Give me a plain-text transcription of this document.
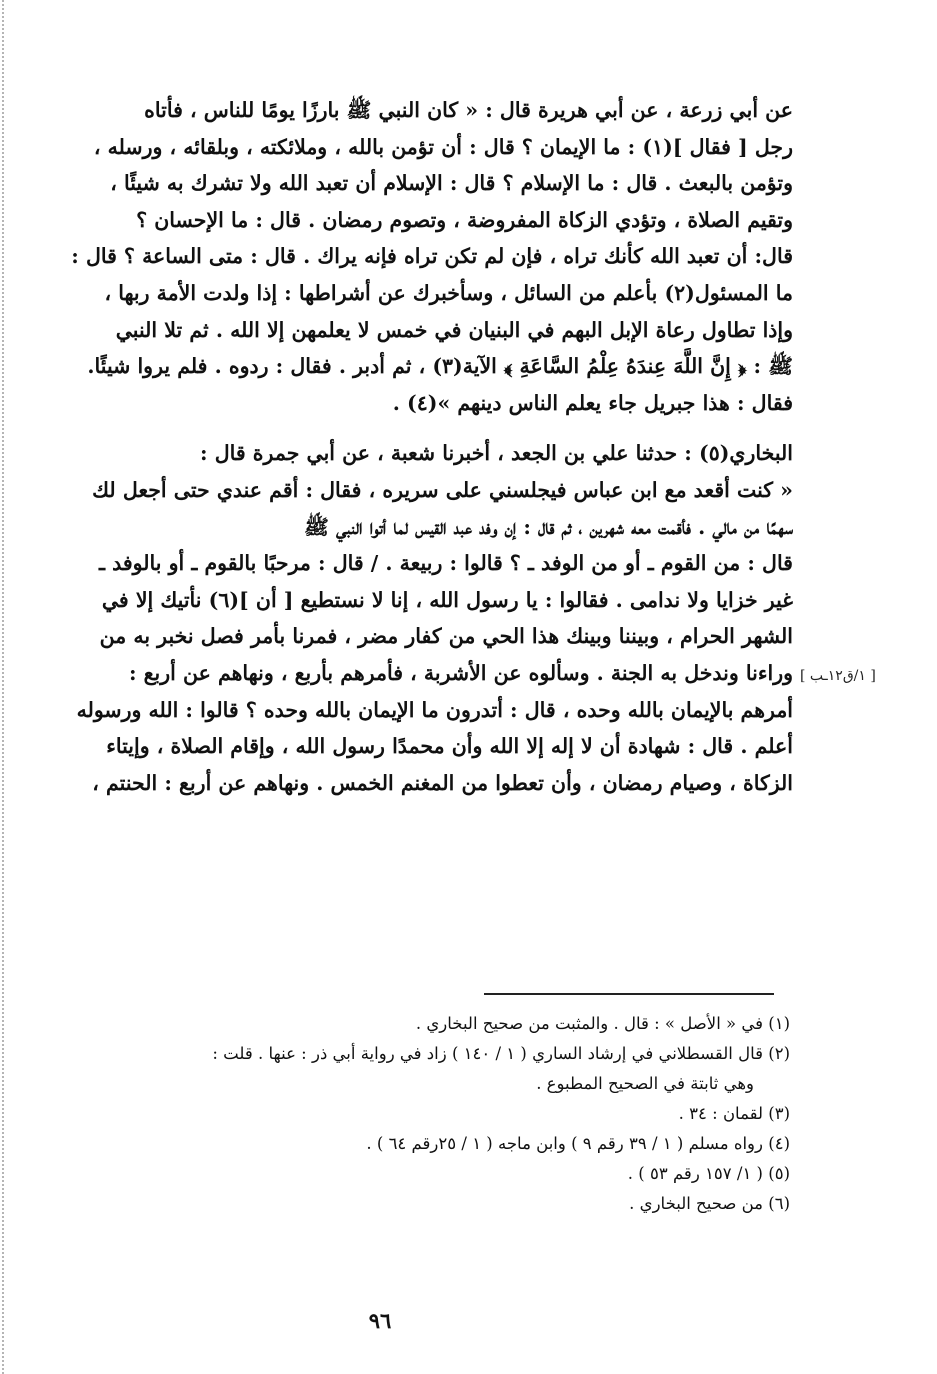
عن أبي زرعة ، عن أبي هريرة قال : « كان النبي ﷺ بارزًا يومًا للناس ، فأتاه
رجل [ فقال ](١) : ما الإيمان ؟ قال : أن تؤمن بالله ، وملائكته ، وبلقائه ، ورسله ،
وتؤمن بالبعث . قال : ما الإسلام ؟ قال : الإسلام أن تعبد الله ولا تشرك به شيئًا ،
وتقيم الصلاة ، وتؤدي الزكاة المفروضة ، وتصوم رمضان . قال : ما الإحسان ؟
قال: أن تعبد الله كأنك تراه ، فإن لم تكن تراه فإنه يراك . قال : متى الساعة ؟ قال :
ما المسئول(٢) بأعلم من السائل ، وسأخبرك عن أشراطها : إذا ولدت الأمة ربها ،
وإذا تطاول رعاة الإبل البهم في البنيان في خمس لا يعلمهن إلا الله . ثم تلا النبي
ﷺ : ﴿ إِنَّ اللَّهَ عِندَهُ عِلْمُ السَّاعَةِ ﴾ الآية(٣) ، ثم أدبر . فقال : ردوه . فلم يروا شيئًا.
فقال : هذا جبريل جاء يعلم الناس دينهم »(٤) .

البخاري(٥) : حدثنا علي بن الجعد ، أخبرنا شعبة ، عن أبي جمرة قال :
« كنت أقعد مع ابن عباس فيجلسني على سريره ، فقال : أقم عندي حتى أجعل لك
سهمًا من مالي . فأقمت معه شهرين ، ثم قال : إن وفد عبد القيس لما أتوا النبي ﷺ
قال : من القوم ـ أو من الوفد ـ ؟ قالوا : ربيعة . / قال : مرحبًا بالقوم ـ أو بالوفد ـ
غير خزايا ولا ندامى . فقالوا : يا رسول الله ، إنا لا نستطيع [ أن ](٦) نأتيك إلا في
الشهر الحرام ، وبيننا وبينك هذا الحي من كفار مضر ، فمرنا بأمر فصل نخبر به من
وراءنا وندخل به الجنة . وسألوه عن الأشربة ، فأمرهم بأربع ، ونهاهم عن أربع :
أمرهم بالإيمان بالله وحده ، قال : أتدرون ما الإيمان بالله وحده ؟ قالوا : الله ورسوله
أعلم . قال : شهادة أن لا إله إلا الله وأن محمدًا رسول الله ، وإقام الصلاة ، وإيتاء
الزكاة ، وصيام رمضان ، وأن تعطوا من المغنم الخمس . ونهاهم عن أربع : الحنتم ،

[ ١/ق١٢ـب ]
(١) في « الأصل » : قال . والمثبت من صحيح البخاري .
(٢) قال القسطلاني في إرشاد الساري ( ١ / ١٤٠ ) زاد في رواية أبي ذر : عنها . قلت :
وهي ثابتة في الصحيح المطبوع .
(٣) لقمان : ٣٤ .
(٤) رواه مسلم ( ١ / ٣٩ رقم ٩ ) وابن ماجه ( ١ / ٢٥رقم ٦٤ ) .
(٥) ( ١/ ١٥٧ رقم ٥٣ ) .
(٦) من صحيح البخاري .
٩٦
